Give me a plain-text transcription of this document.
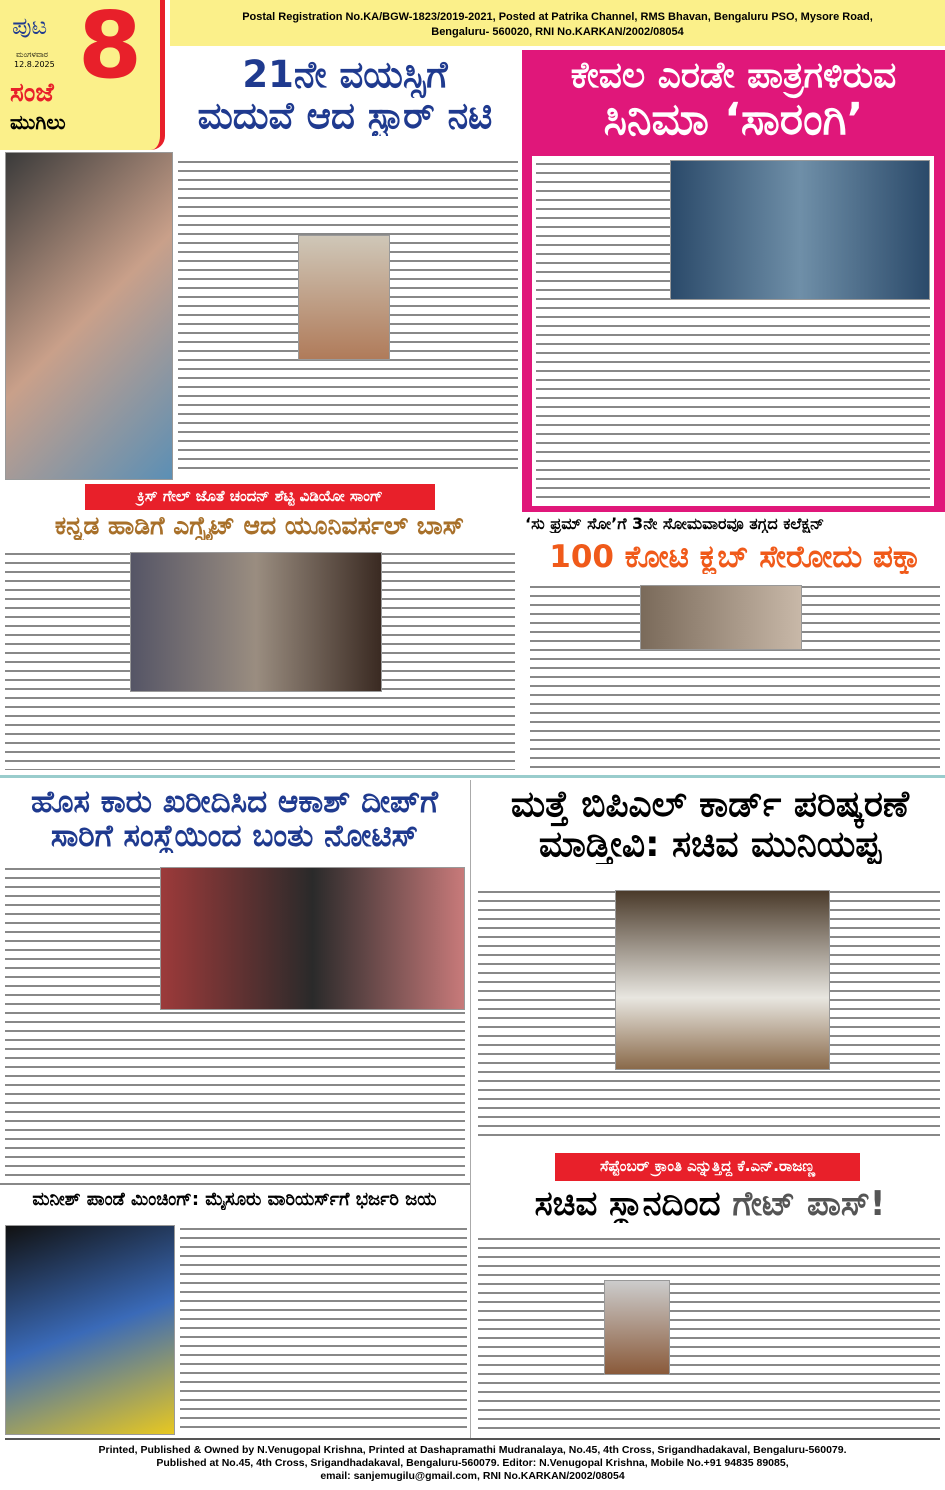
ಪುಟ 8
ಮಂಗಳವಾರ
12.8.2025
ಸಂಜೆ
ಮುಗಿಲು
Postal Registration No.KA/BGW-1823/2019-2021, Posted at Patrika Channel, RMS Bhavan, Bengaluru PSO, Mysore Road,
Bengaluru- 560020, RNI No.KARKAN/2002/08054
21ನೇ ವಯಸ್ಸಿಗೆ
ಮದುವೆ ಆದ ಸ್ಟಾರ್ ನಟಿ
ಕೇವಲ ಎರಡೇ ಪಾತ್ರಗಳಿರುವ
ಸಿನಿಮಾ ‘ಸಾರಂಗಿ’
ಕ್ರಿಸ್ ಗೇಲ್ ಜೊತೆ ಚಂದನ್ ಶೆಟ್ಟಿ ವಿಡಿಯೋ ಸಾಂಗ್
ಕನ್ನಡ ಹಾಡಿಗೆ ಎಗ್ಸೈಟ್ ಆದ ಯೂನಿವರ್ಸಲ್ ಬಾಸ್	‘ಸು ಫ್ರಮ್ ಸೋ’ಗೆ 3ನೇ ಸೋಮವಾರವೂ ತಗ್ಗದ ಕಲೆಕ್ಷನ್
100 ಕೋಟಿ ಕ್ಲಬ್ ಸೇರೋದು ಪಕ್ಕಾ
ಹೊಸ ಕಾರು ಖರೀದಿಸಿದ ಆಕಾಶ್ ದೀಪ್‌ಗೆ
ಸಾರಿಗೆ ಸಂಸ್ಥೆಯಿಂದ ಬಂತು ನೋಟಿಸ್
ಮತ್ತೆ ಬಿಪಿಎಲ್ ಕಾರ್ಡ್ ಪರಿಷ್ಕರಣೆ
ಮಾಡ್ತೀವಿ: ಸಚಿವ ಮುನಿಯಪ್ಪ
ಮನೀಶ್ ಪಾಂಡೆ ಮಿಂಚಿಂಗ್: ಮೈಸೂರು ವಾರಿಯರ್ಸ್‌ಗೆ ಭರ್ಜರಿ ಜಯ
ಸೆಪ್ಟೆಂಬರ್ ಕ್ರಾಂತಿ ಎನ್ನುತ್ತಿದ್ದ ಕೆ.ಎನ್.ರಾಜಣ್ಣ
ಸಚಿವ ಸ್ಥಾನದಿಂದ ಗೇಟ್ ಪಾಸ್!
Printed, Published & Owned by N.Venugopal Krishna, Printed at Dashapramathi Mudranalaya, No.45, 4th Cross, Srigandhadakaval, Bengaluru-560079.
Published at No.45, 4th Cross, Srigandhadakaval, Bengaluru-560079. Editor: N.Venugopal Krishna, Mobile No.+91 94835 89085,
email: sanjemugilu@gmail.com, RNI No.KARKAN/2002/08054
